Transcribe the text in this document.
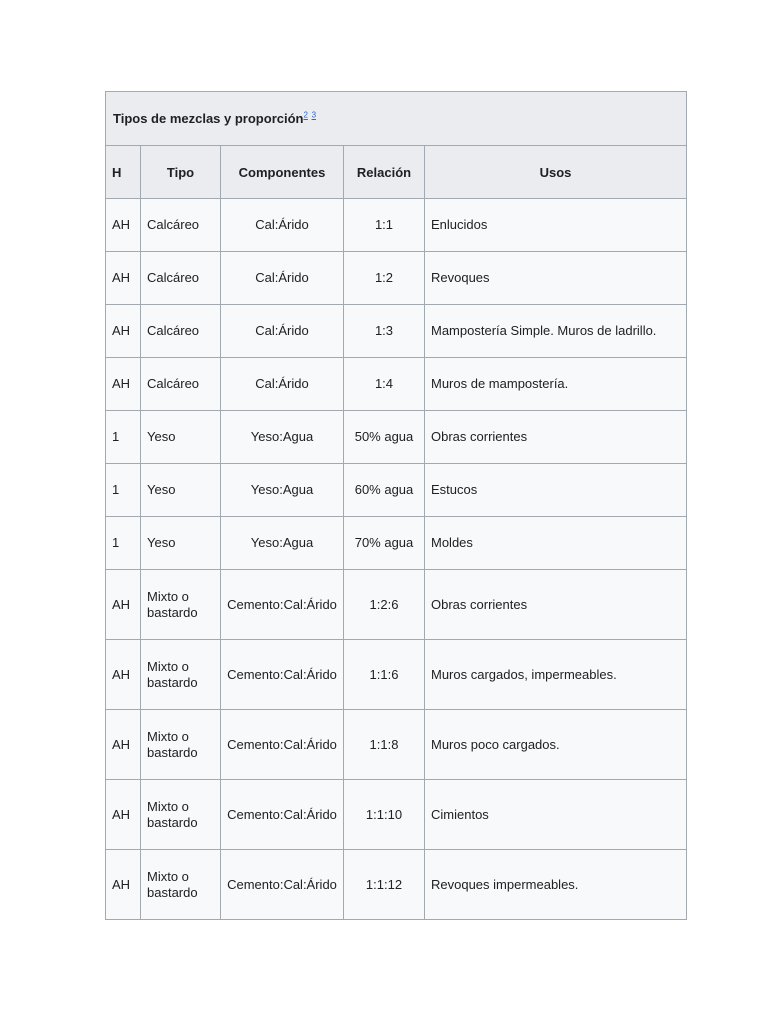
Tipos de mezclas y proporción$^2$ $^3$
H	Tipo	Componentes	Relación	Usos
AH	Calcáreo	Cal:Árido	1:1	Enlucidos
AH	Calcáreo	Cal:Árido	1:2	Revoques
AH	Calcáreo	Cal:Árido	1:3	Mampostería Simple. Muros de ladrillo.
AH	Calcáreo	Cal:Árido	1:4	Muros de mampostería.
1	Yeso	Yeso:Agua	50% agua	Obras corrientes
1	Yeso	Yeso:Agua	60% agua	Estucos
1	Yeso	Yeso:Agua	70% agua	Moldes
AH	Mixto o bastardo	Cemento:Cal:Árido	1:2:6	Obras corrientes
AH	Mixto o bastardo	Cemento:Cal:Árido	1:1:6	Muros cargados, impermeables.
AH	Mixto o bastardo	Cemento:Cal:Árido	1:1:8	Muros poco cargados.
AH	Mixto o bastardo	Cemento:Cal:Árido	1:1:10	Cimientos
AH	Mixto o bastardo	Cemento:Cal:Árido	1:1:12	Revoques impermeables.
